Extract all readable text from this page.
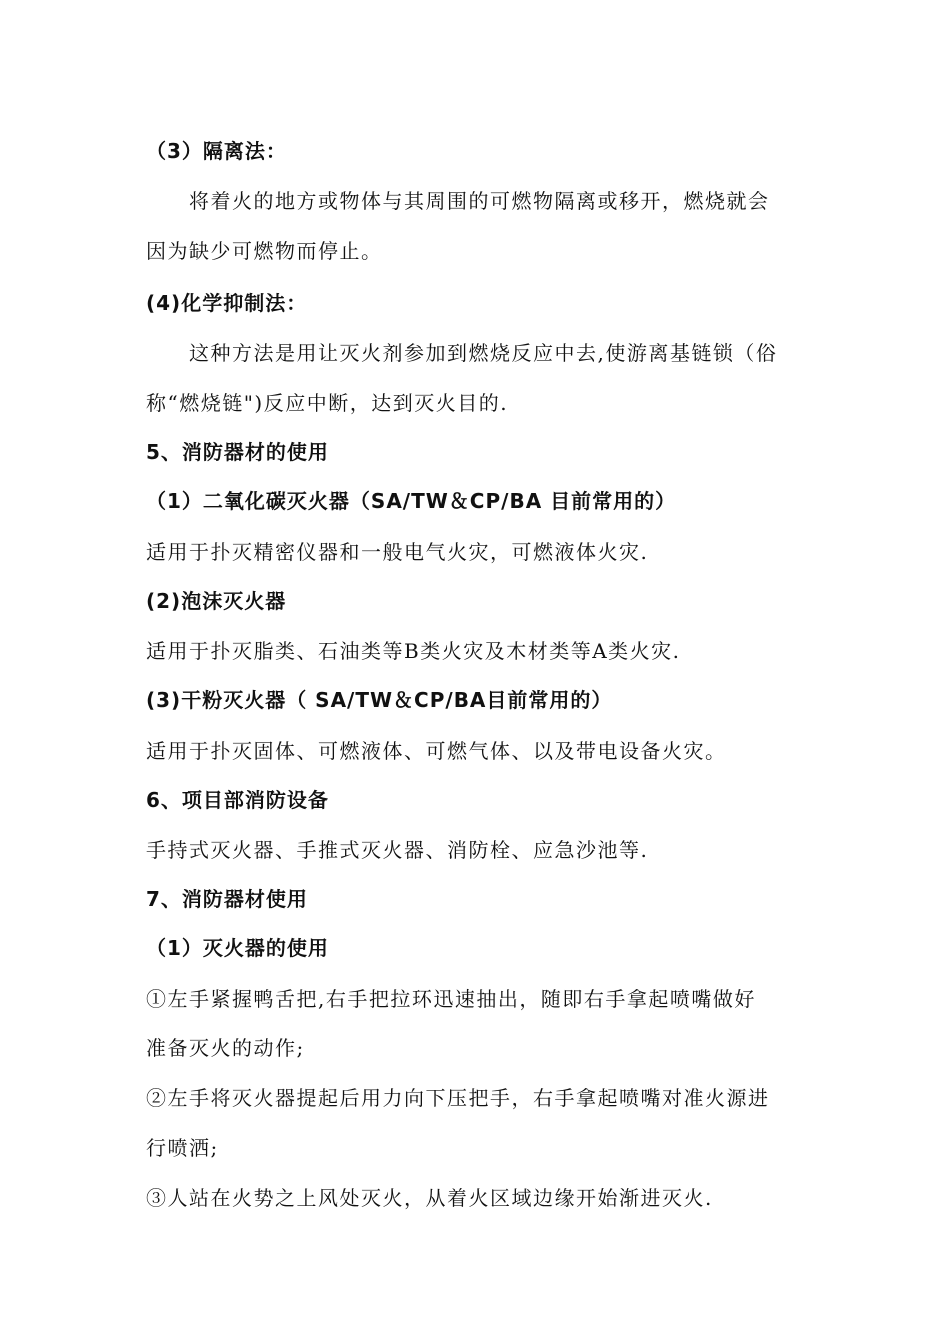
（3）隔离法：
将着火的地方或物体与其周围的可燃物隔离或移开，燃烧就会
因为缺少可燃物而停止。
(4)化学抑制法：
这种方法是用让灭火剂参加到燃烧反应中去,使游离基链锁（俗
称“燃烧链")反应中断，达到灭火目的.
5、消防器材的使用
（1）二氧化碳灭火器（SA/TW＆CP/BA 目前常用的）
适用于扑灭精密仪器和一般电气火灾，可燃液体火灾.
(2)泡沫灭火器
适用于扑灭脂类、石油类等B类火灾及木材类等A类火灾.
(3)干粉灭火器（ SA/TW＆CP/BA目前常用的）
适用于扑灭固体、可燃液体、可燃气体、以及带电设备火灾。
6、项目部消防设备
手持式灭火器、手推式灭火器、消防栓、应急沙池等.
7、消防器材使用
（1）灭火器的使用
①左手紧握鸭舌把,右手把拉环迅速抽出，随即右手拿起喷嘴做好
准备灭火的动作;
②左手将灭火器提起后用力向下压把手，右手拿起喷嘴对准火源进
行喷洒;
③人站在火势之上风处灭火，从着火区域边缘开始渐进灭火.
